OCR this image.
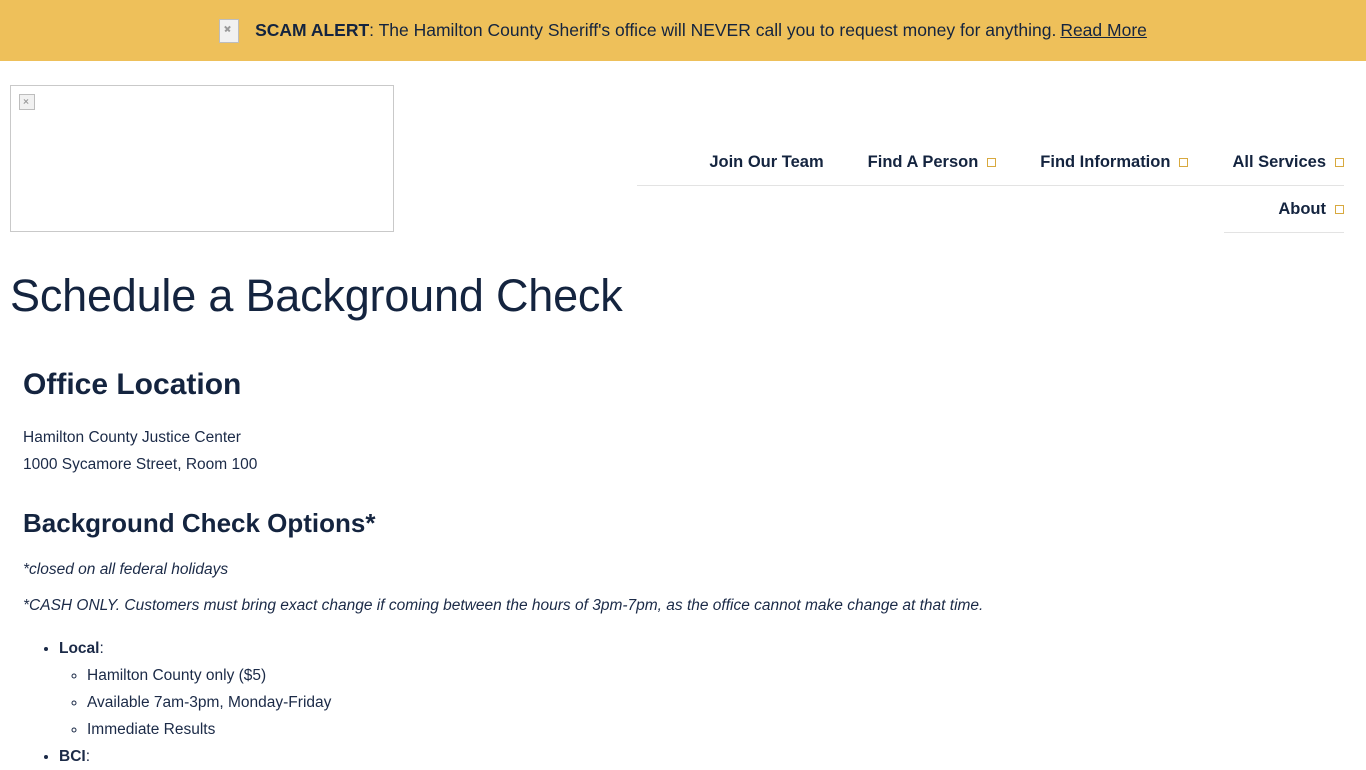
SCAM ALERT: The Hamilton County Sheriff's office will NEVER call you to request money for anything. Read More
Join Our Team	Find A Person	Find Information	All Services
About
Schedule a Background Check
Office Location
Hamilton County Justice Center
1000 Sycamore Street, Room 100
Background Check Options*

*closed on all federal holidays

*CASH ONLY. Customers must bring exact change if coming between the hours of 3pm-7pm, as the office cannot make change at that time.

• Local:
◦ Hamilton County only ($5)
◦ Available 7am-3pm, Monday-Friday
◦ Immediate Results
• BCI:
